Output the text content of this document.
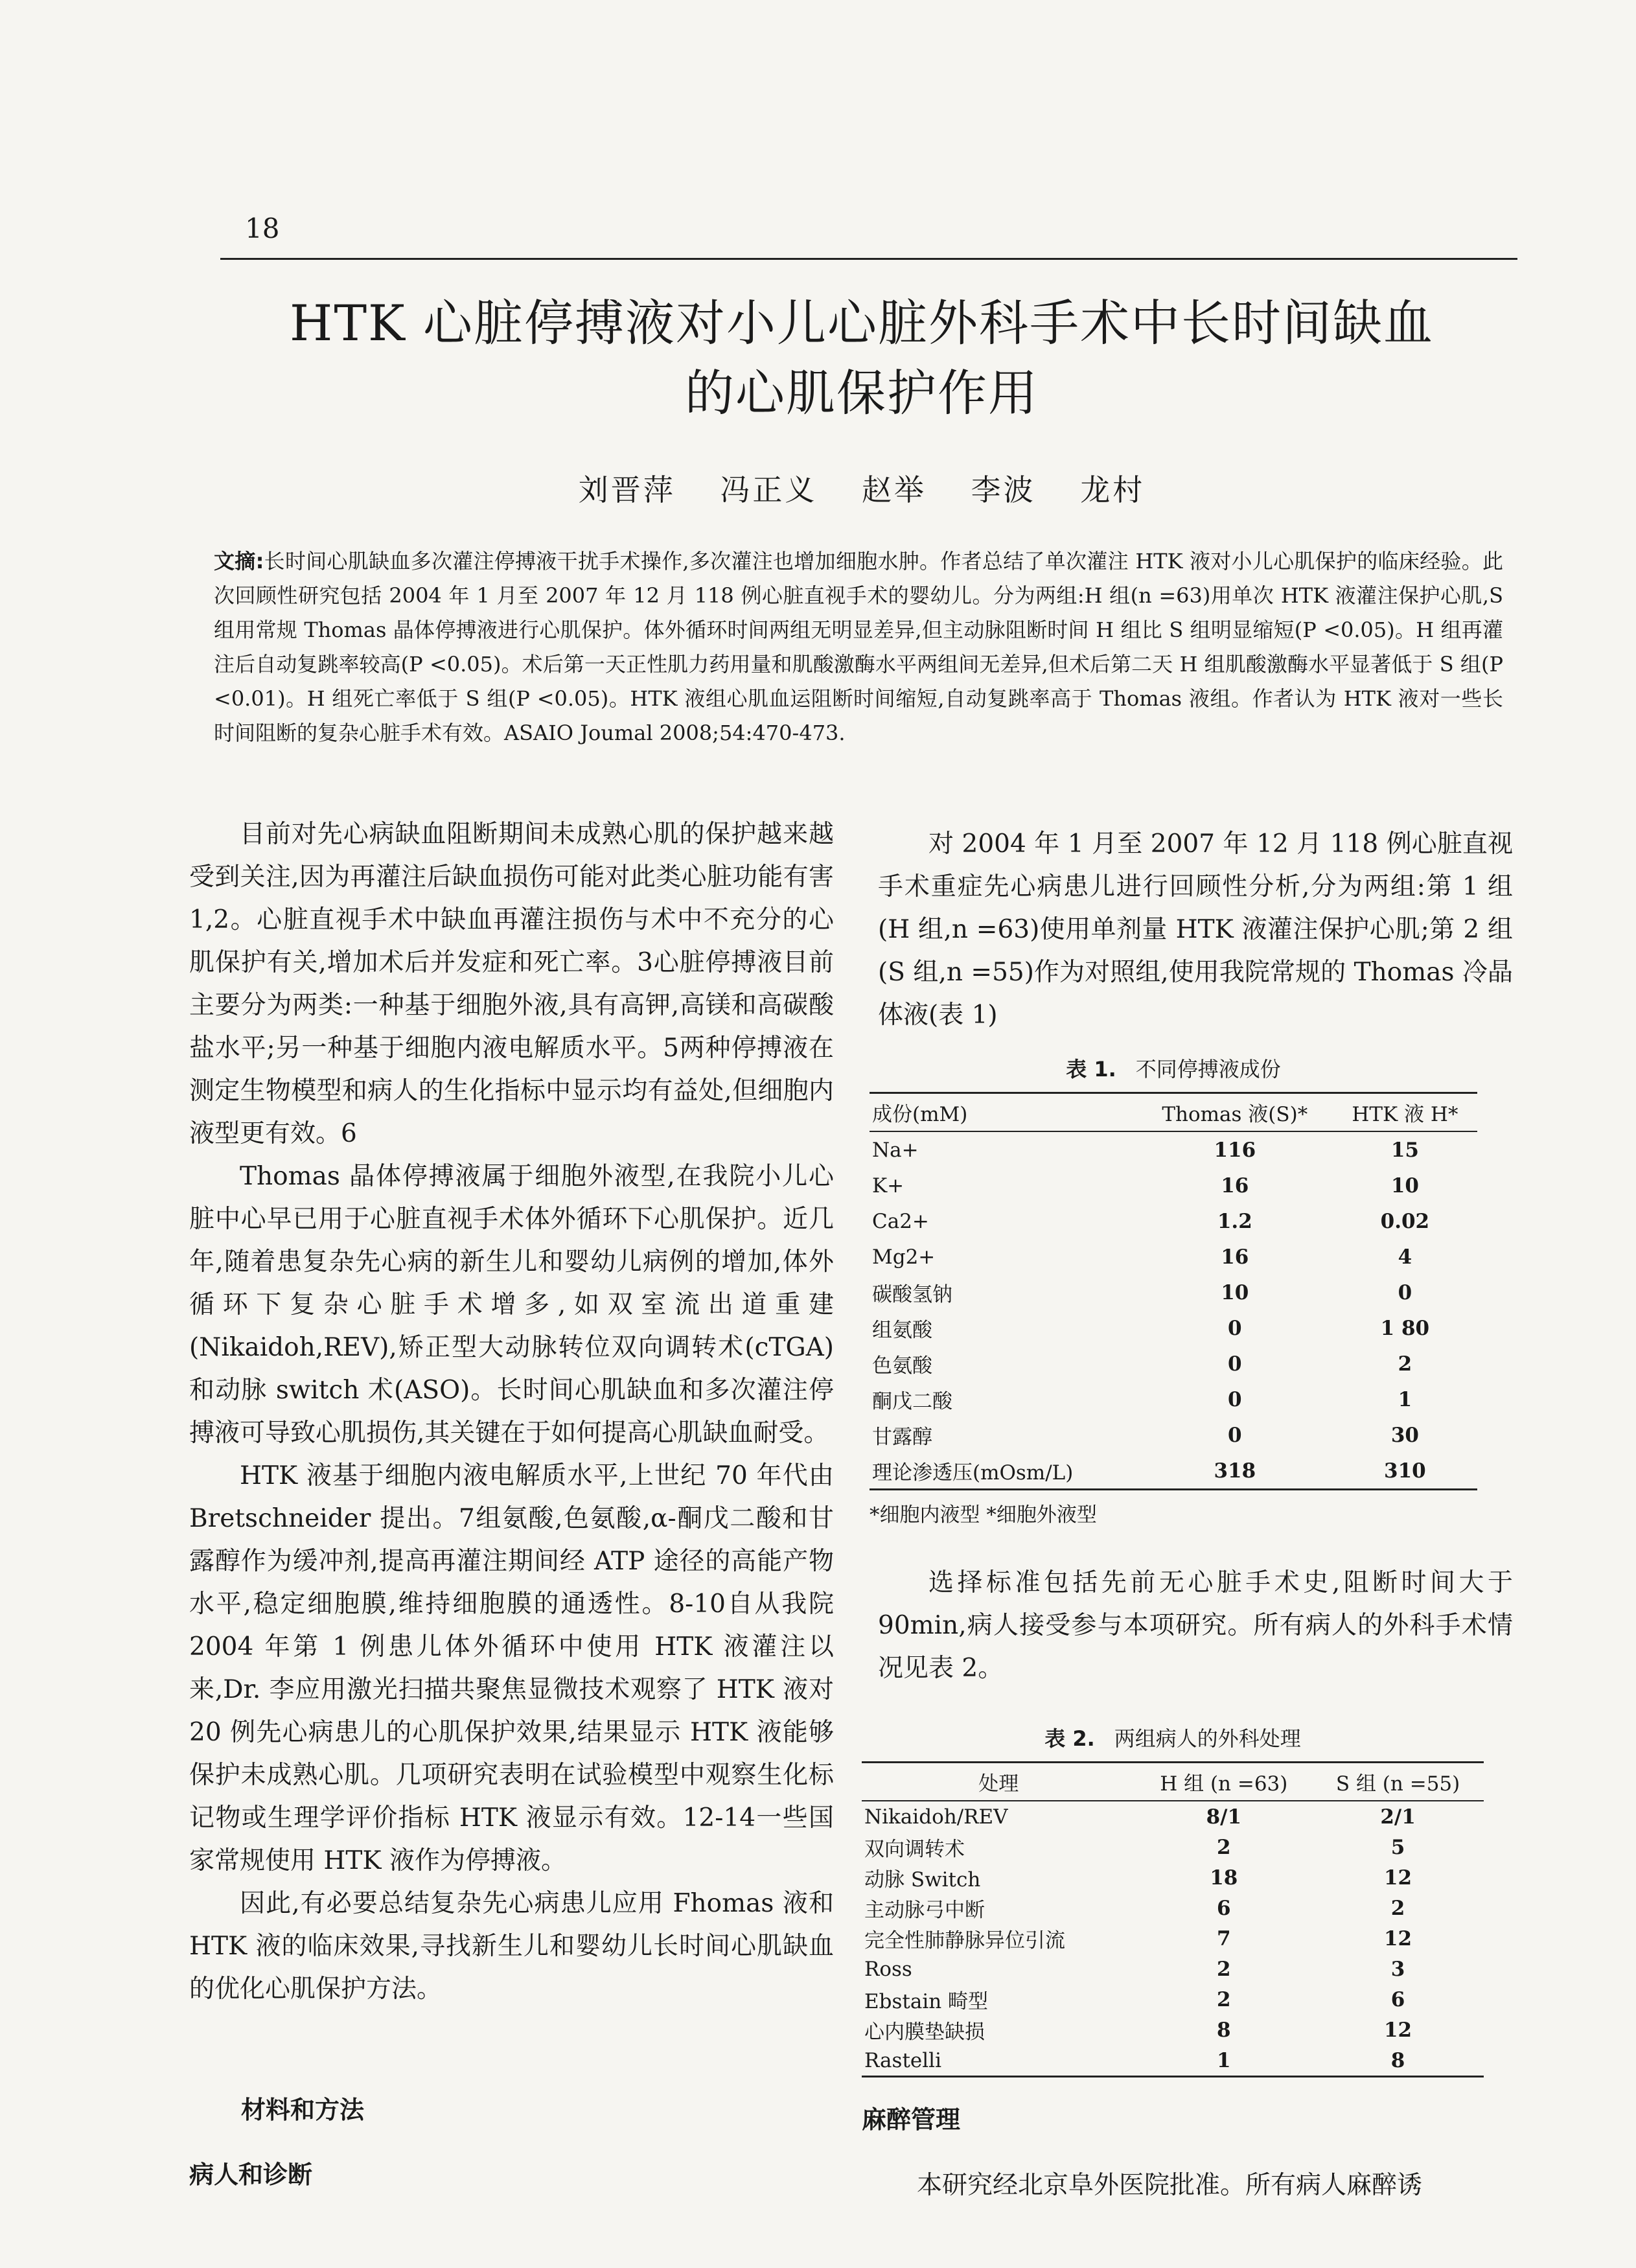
18
HTK 心脏停搏液对小儿心脏外科手术中长时间缺血
的心肌保护作用
刘晋萍 冯正义 赵举 李波 龙村
文摘:长时间心肌缺血多次灌注停搏液干扰手术操作,多次灌注也增加细胞水肿。作者总结了单次灌注 HTK 液对小儿心肌保护的临床经验。此次回顾性研究包括 2004 年 1 月至 2007 年 12 月 118 例心脏直视手术的婴幼儿。分为两组:H 组(n =63)用单次 HTK 液灌注保护心肌,S 组用常规 Thomas 晶体停搏液进行心肌保护。体外循环时间两组无明显差异,但主动脉阻断时间 H 组比 S 组明显缩短(P <0.05)。H 组再灌注后自动复跳率较高(P <0.05)。术后第一天正性肌力药用量和肌酸激酶水平两组间无差异,但术后第二天 H 组肌酸激酶水平显著低于 S 组(P <0.01)。H 组死亡率低于 S 组(P <0.05)。HTK 液组心肌血运阻断时间缩短,自动复跳率高于 Thomas 液组。作者认为 HTK 液对一些长时间阻断的复杂心脏手术有效。ASAIO Joumal 2008;54:470-473.

目前对先心病缺血阻断期间未成熟心肌的保护越来越受到关注,因为再灌注后缺血损伤可能对此类心脏功能有害1,2。心脏直视手术中缺血再灌注损伤与术中不充分的心肌保护有关,增加术后并发症和死亡率。3心脏停搏液目前主要分为两类:一种基于细胞外液,具有高钾,高镁和高碳酸盐水平;另一种基于细胞内液电解质水平。5两种停搏液在测定生物模型和病人的生化指标中显示均有益处,但细胞内液型更有效。6

Thomas 晶体停搏液属于细胞外液型,在我院小儿心脏中心早已用于心脏直视手术体外循环下心肌保护。近几年,随着患复杂先心病的新生儿和婴幼儿病例的增加,体外循环下复杂心脏手术增多,如双室流出道重建(Nikaidoh,REV),矫正型大动脉转位双向调转术(cTGA)和动脉 switch 术(ASO)。长时间心肌缺血和多次灌注停搏液可导致心肌损伤,其关键在于如何提高心肌缺血耐受。

HTK 液基于细胞内液电解质水平,上世纪 70 年代由 Bretschneider 提出。7组氨酸,色氨酸,α-酮戊二酸和甘露醇作为缓冲剂,提高再灌注期间经 ATP 途径的高能产物水平,稳定细胞膜,维持细胞膜的通透性。8-10自从我院 2004 年第 1 例患儿体外循环中使用 HTK 液灌注以来,Dr. 李应用激光扫描共聚焦显微技术观察了 HTK 液对 20 例先心病患儿的心肌保护效果,结果显示 HTK 液能够保护未成熟心肌。几项研究表明在试验模型中观察生化标记物或生理学评价指标 HTK 液显示有效。12-14一些国家常规使用 HTK 液作为停搏液。

因此,有必要总结复杂先心病患儿应用 Fhomas 液和 HTK 液的临床效果,寻找新生儿和婴幼儿长时间心肌缺血的优化心肌保护方法。

材料和方法
病人和诊断

对 2004 年 1 月至 2007 年 12 月 118 例心脏直视手术重症先心病患儿进行回顾性分析,分为两组:第 1 组(H 组,n =63)使用单剂量 HTK 液灌注保护心肌;第 2 组(S 组,n =55)作为对照组,使用我院常规的 Thomas 冷晶体液(表 1)

表 1. 不同停搏液成份
成份(mM)	Thomas 液(S)*	HTK 液 H*
Na+	116	15
K+	16	10
Ca2+	1.2	0.02
Mg2+	16	4
碳酸氢钠	10	0
组氨酸	0	1 80
色氨酸	0	2
酮戊二酸	0	1
甘露醇	0	30
理论渗透压(mOsm/L)	318	310
*细胞内液型 *细胞外液型

选择标准包括先前无心脏手术史,阻断时间大于 90min,病人接受参与本项研究。所有病人的外科手术情况见表 2。

表 2. 两组病人的外科处理
处理	H 组 (n =63)	S 组 (n =55)
Nikaidoh/REV	8/1	2/1
双向调转术	2	5
动脉 Switch	18	12
主动脉弓中断	6	2
完全性肺静脉异位引流	7	12
Ross	2	3
Ebstain 畸型	2	6
心内膜垫缺损	8	12
Rastelli	1	8
麻醉管理
本研究经北京阜外医院批准。所有病人麻醉诱
